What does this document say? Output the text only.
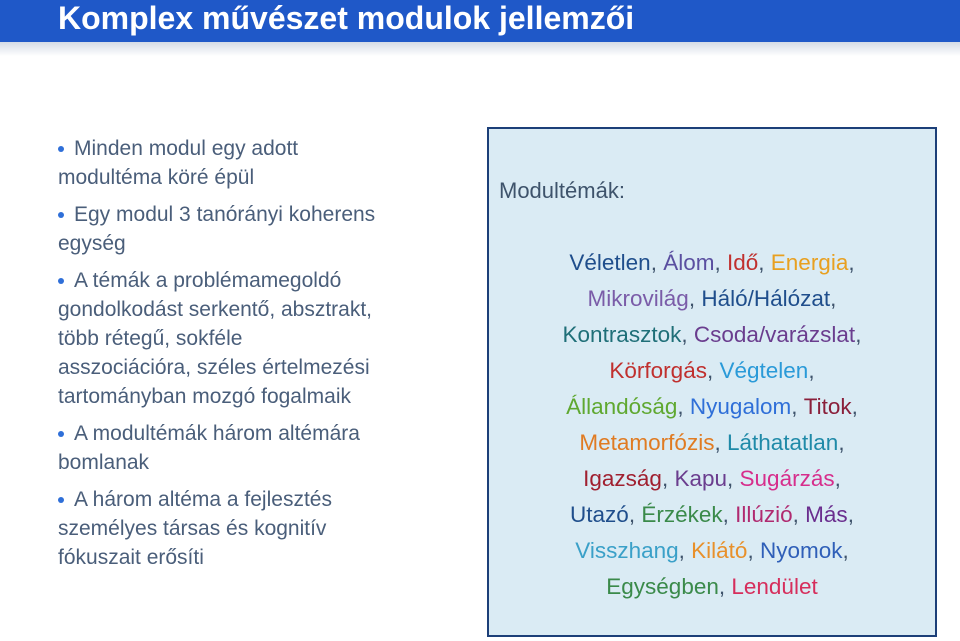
Komplex művészet modulok jellemzői
Minden modul egy adott
modultéma köré épül
Egy modul 3 tanórányi koherens
egység
A témák a problémamegoldó
gondolkodást serkentő, absztrakt,
több rétegű, sokféle
asszociációra, széles értelmezési
tartományban mozgó fogalmaik
A modultémák három altémára
bomlanak
A három altéma a fejlesztés
személyes társas és kognitív
fókuszait erősíti
Modultémák:
Véletlen, Álom, Idő, Energia,
Mikrovilág, Háló/Hálózat,
Kontrasztok, Csoda/varázslat,
Körforgás, Végtelen,
Állandóság, Nyugalom, Titok,
Metamorfózis, Láthatatlan,
Igazság, Kapu, Sugárzás,
Utazó, Érzékek, Illúzió, Más,
Visszhang, Kilátó, Nyomok,
Egységben, Lendület
